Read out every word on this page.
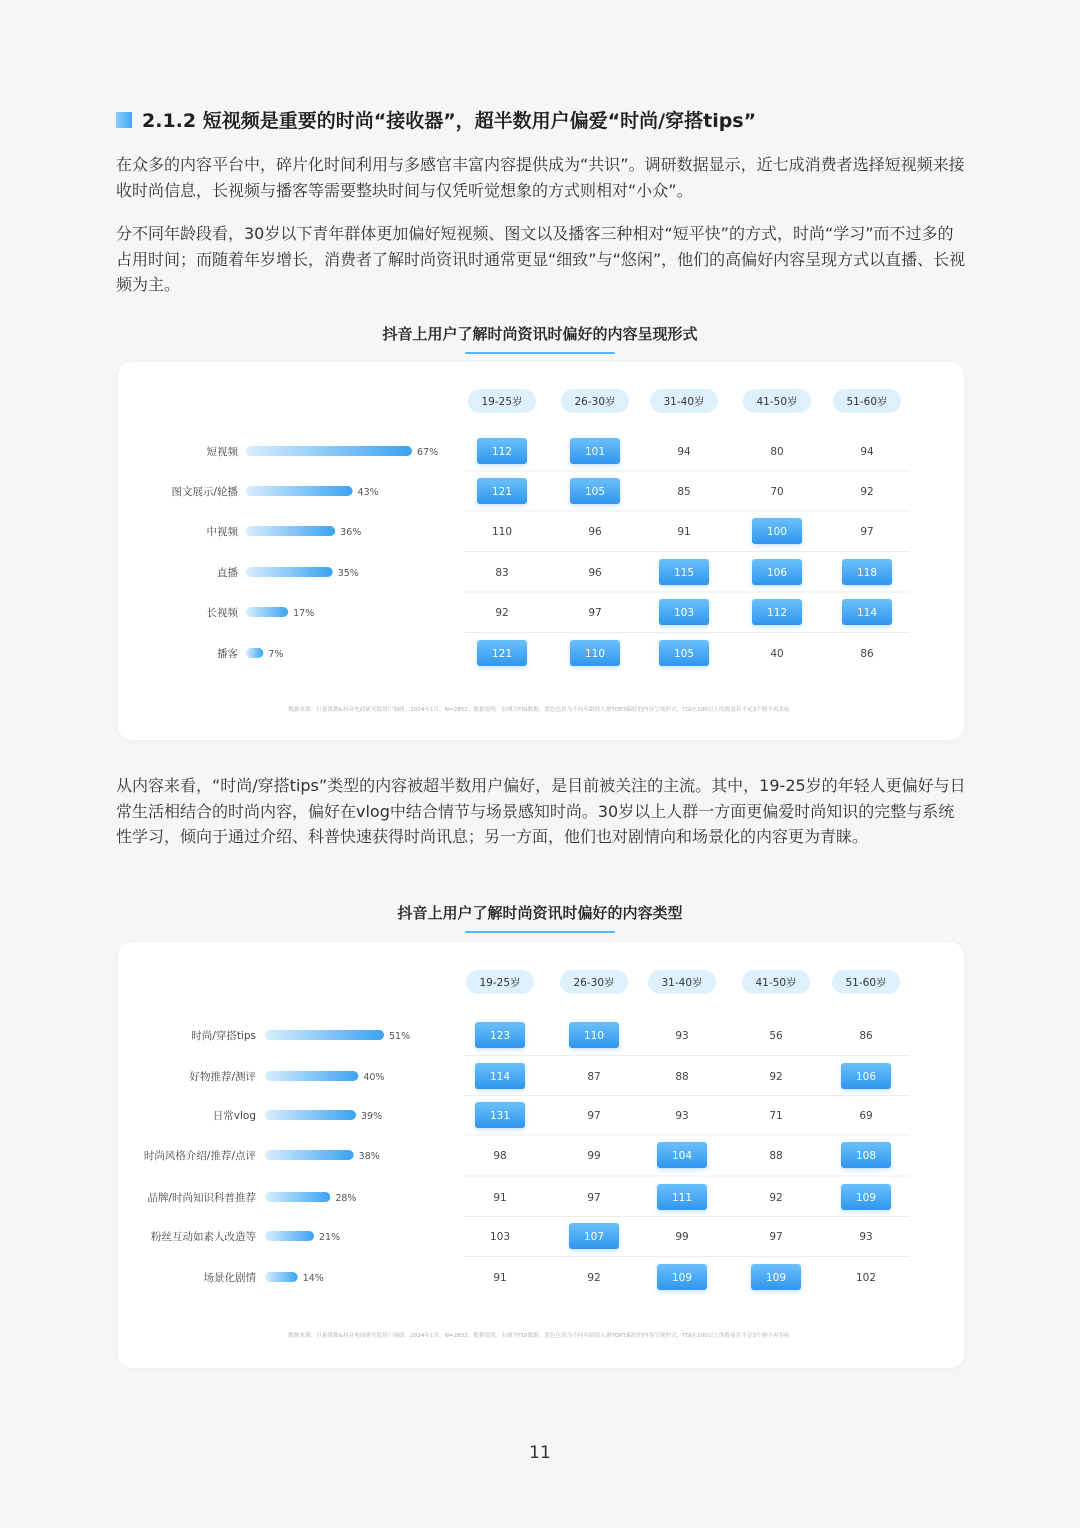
2.1.2 短视频是重要的时尚“接收器”，超半数用户偏爱“时尚/穿搭tips”

在众多的内容平台中，碎片化时间利用与多感官丰富内容提供成为“共识”。调研数据显示，近七成消费者选择短视频来接收时尚信息，长视频与播客等需要整块时间与仅凭听觉想象的方式则相对“小众”。

分不同年龄段看，30岁以下青年群体更加偏好短视频、图文以及播客三种相对“短平快”的方式，时尚“学习”而不过多的占用时间；而随着年岁增长，消费者了解时尚资讯时通常更显“细致”与“悠闲”，他们的高偏好内容呈现方式以直播、长视频为主。

抖音上用户了解时尚资讯时偏好的内容呈现形式
19-25岁	26-30岁	31-40岁	41-50岁	51-60岁
短视频	67%	112	101	94	80	94
图文展示/轮播	43%	121	105	85	70	92
中视频	36%	110	96	91	100	97
直播	35%	83	96	115	106	118
长视频	17%	92	97	103	112	114
播客	7%	121	110	105	40	86
数据来源：巨量算数&抖音电商研究院用户调研，2024年1月，N=2852；数据说明：右图为TGI数据，蓝色色块为不同年龄段人群TOP3偏好的内容呈现形式，TGI在100以上的数量若不足3个则不再多标

从内容来看，“时尚/穿搭tips”类型的内容被超半数用户偏好，是目前被关注的主流。其中，19-25岁的年轻人更偏好与日常生活相结合的时尚内容，偏好在vlog中结合情节与场景感知时尚。30岁以上人群一方面更偏爱时尚知识的完整与系统性学习，倾向于通过介绍、科普快速获得时尚讯息；另一方面，他们也对剧情向和场景化的内容更为青睐。

抖音上用户了解时尚资讯时偏好的内容类型
19-25岁	26-30岁	31-40岁	41-50岁	51-60岁
时尚/穿搭tips	51%	123	110	93	56	86
好物推荐/测评	40%	114	87	88	92	106
日常vlog	39%	131	97	93	71	69
时尚风格介绍/推荐/点评	38%	98	99	104	88	108
品牌/时尚知识科普推荐	28%	91	97	111	92	109
粉丝互动如素人改造等	21%	103	107	99	97	93
场景化剧情	14%	91	92	109	109	102
数据来源：巨量算数&抖音电商研究院用户调研，2024年1月，N=2852；数据说明：右图为TGI数据，蓝色色块为不同年龄段人群TOP3偏好的内容呈现形式，TGI在100以上的数量若不足3个则不再多标
11
